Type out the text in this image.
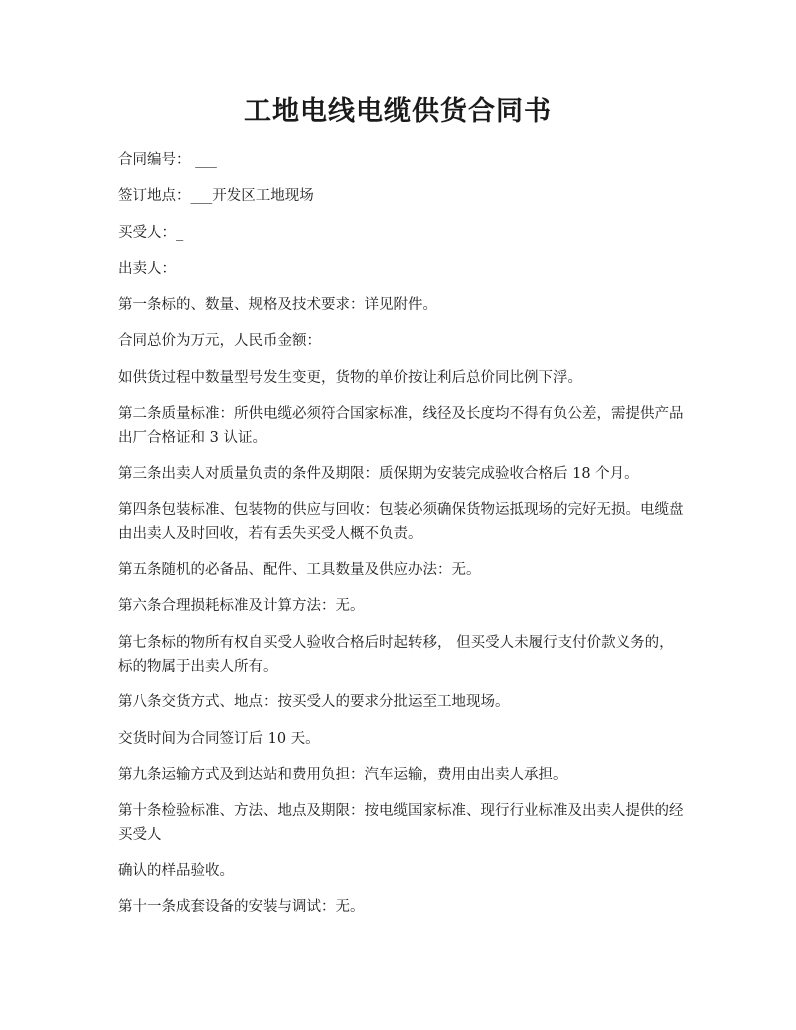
工地电线电缆供货合同书

合同编号： ___

签订地点：___开发区工地现场

买受人：_

出卖人：

第一条标的、数量、规格及技术要求：详见附件。

合同总价为万元，人民币金额：

如供货过程中数量型号发生变更，货物的单价按让利后总价同比例下浮。

第二条质量标准：所供电缆必须符合国家标准，线径及长度均不得有负公差，需提供产品出厂合格证和 3 认证。

第三条出卖人对质量负责的条件及期限：质保期为安装完成验收合格后 18 个月。

第四条包装标准、包装物的供应与回收：包装必须确保货物运抵现场的完好无损。电缆盘由出卖人及时回收，若有丢失买受人概不负责。

第五条随机的必备品、配件、工具数量及供应办法：无。

第六条合理损耗标准及计算方法：无。

第七条标的物所有权自买受人验收合格后时起转移， 但买受人未履行支付价款义务的，标的物属于出卖人所有。

第八条交货方式、地点：按买受人的要求分批运至工地现场。

交货时间为合同签订后 10 天。

第九条运输方式及到达站和费用负担：汽车运输，费用由出卖人承担。

第十条检验标准、方法、地点及期限：按电缆国家标准、现行行业标准及出卖人提供的经买受人

确认的样品验收。

第十一条成套设备的安装与调试：无。
